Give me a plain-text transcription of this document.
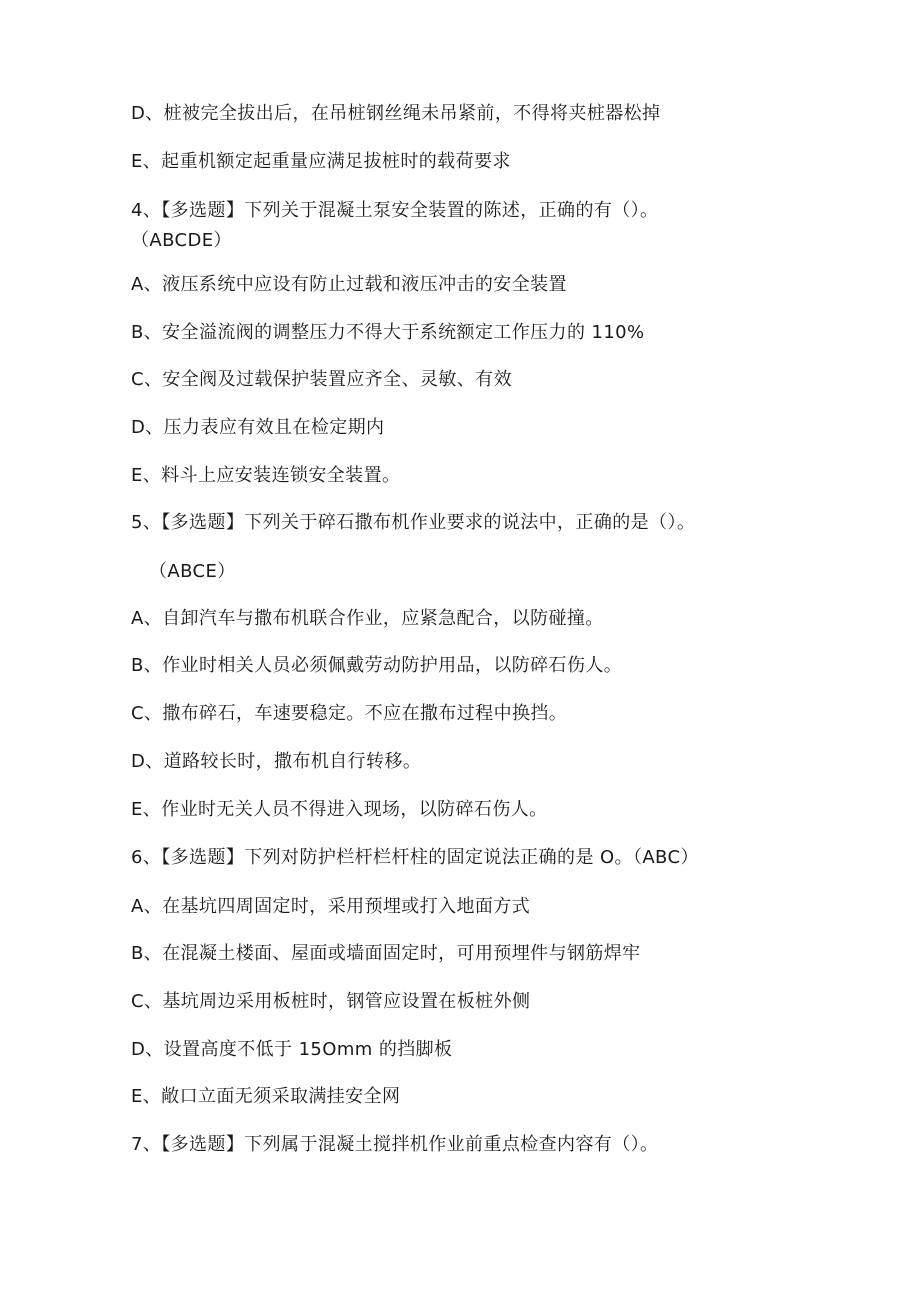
D、桩被完全拔出后，在吊桩钢丝绳未吊紧前，不得将夹桩器松掉
E、起重机额定起重量应满足拔桩时的载荷要求
4、【多选题】下列关于混凝土泵安全装置的陈述，正确的有（）。
（ABCDE）
A、液压系统中应设有防止过载和液压冲击的安全装置
B、安全溢流阀的调整压力不得大于系统额定工作压力的 110%
C、安全阀及过载保护装置应齐全、灵敏、有效
D、压力表应有效且在检定期内
E、料斗上应安装连锁安全装置。
5、【多选题】下列关于碎石撒布机作业要求的说法中，正确的是（）。
（ABCE）
A、自卸汽车与撒布机联合作业，应紧急配合，以防碰撞。
B、作业时相关人员必须佩戴劳动防护用品，以防碎石伤人。
C、撒布碎石，车速要稳定。不应在撒布过程中换挡。
D、道路较长时，撒布机自行转移。
E、作业时无关人员不得进入现场，以防碎石伤人。
6、【多选题】下列对防护栏杆栏杆柱的固定说法正确的是 O。（ABC）
A、在基坑四周固定时，采用预埋或打入地面方式
B、在混凝土楼面、屋面或墙面固定时，可用预埋件与钢筋焊牢
C、基坑周边采用板桩时，钢管应设置在板桩外侧
D、设置高度不低于 15Omm 的挡脚板
E、敞口立面无须采取满挂安全网
7、【多选题】下列属于混凝土搅拌机作业前重点检查内容有（）。
